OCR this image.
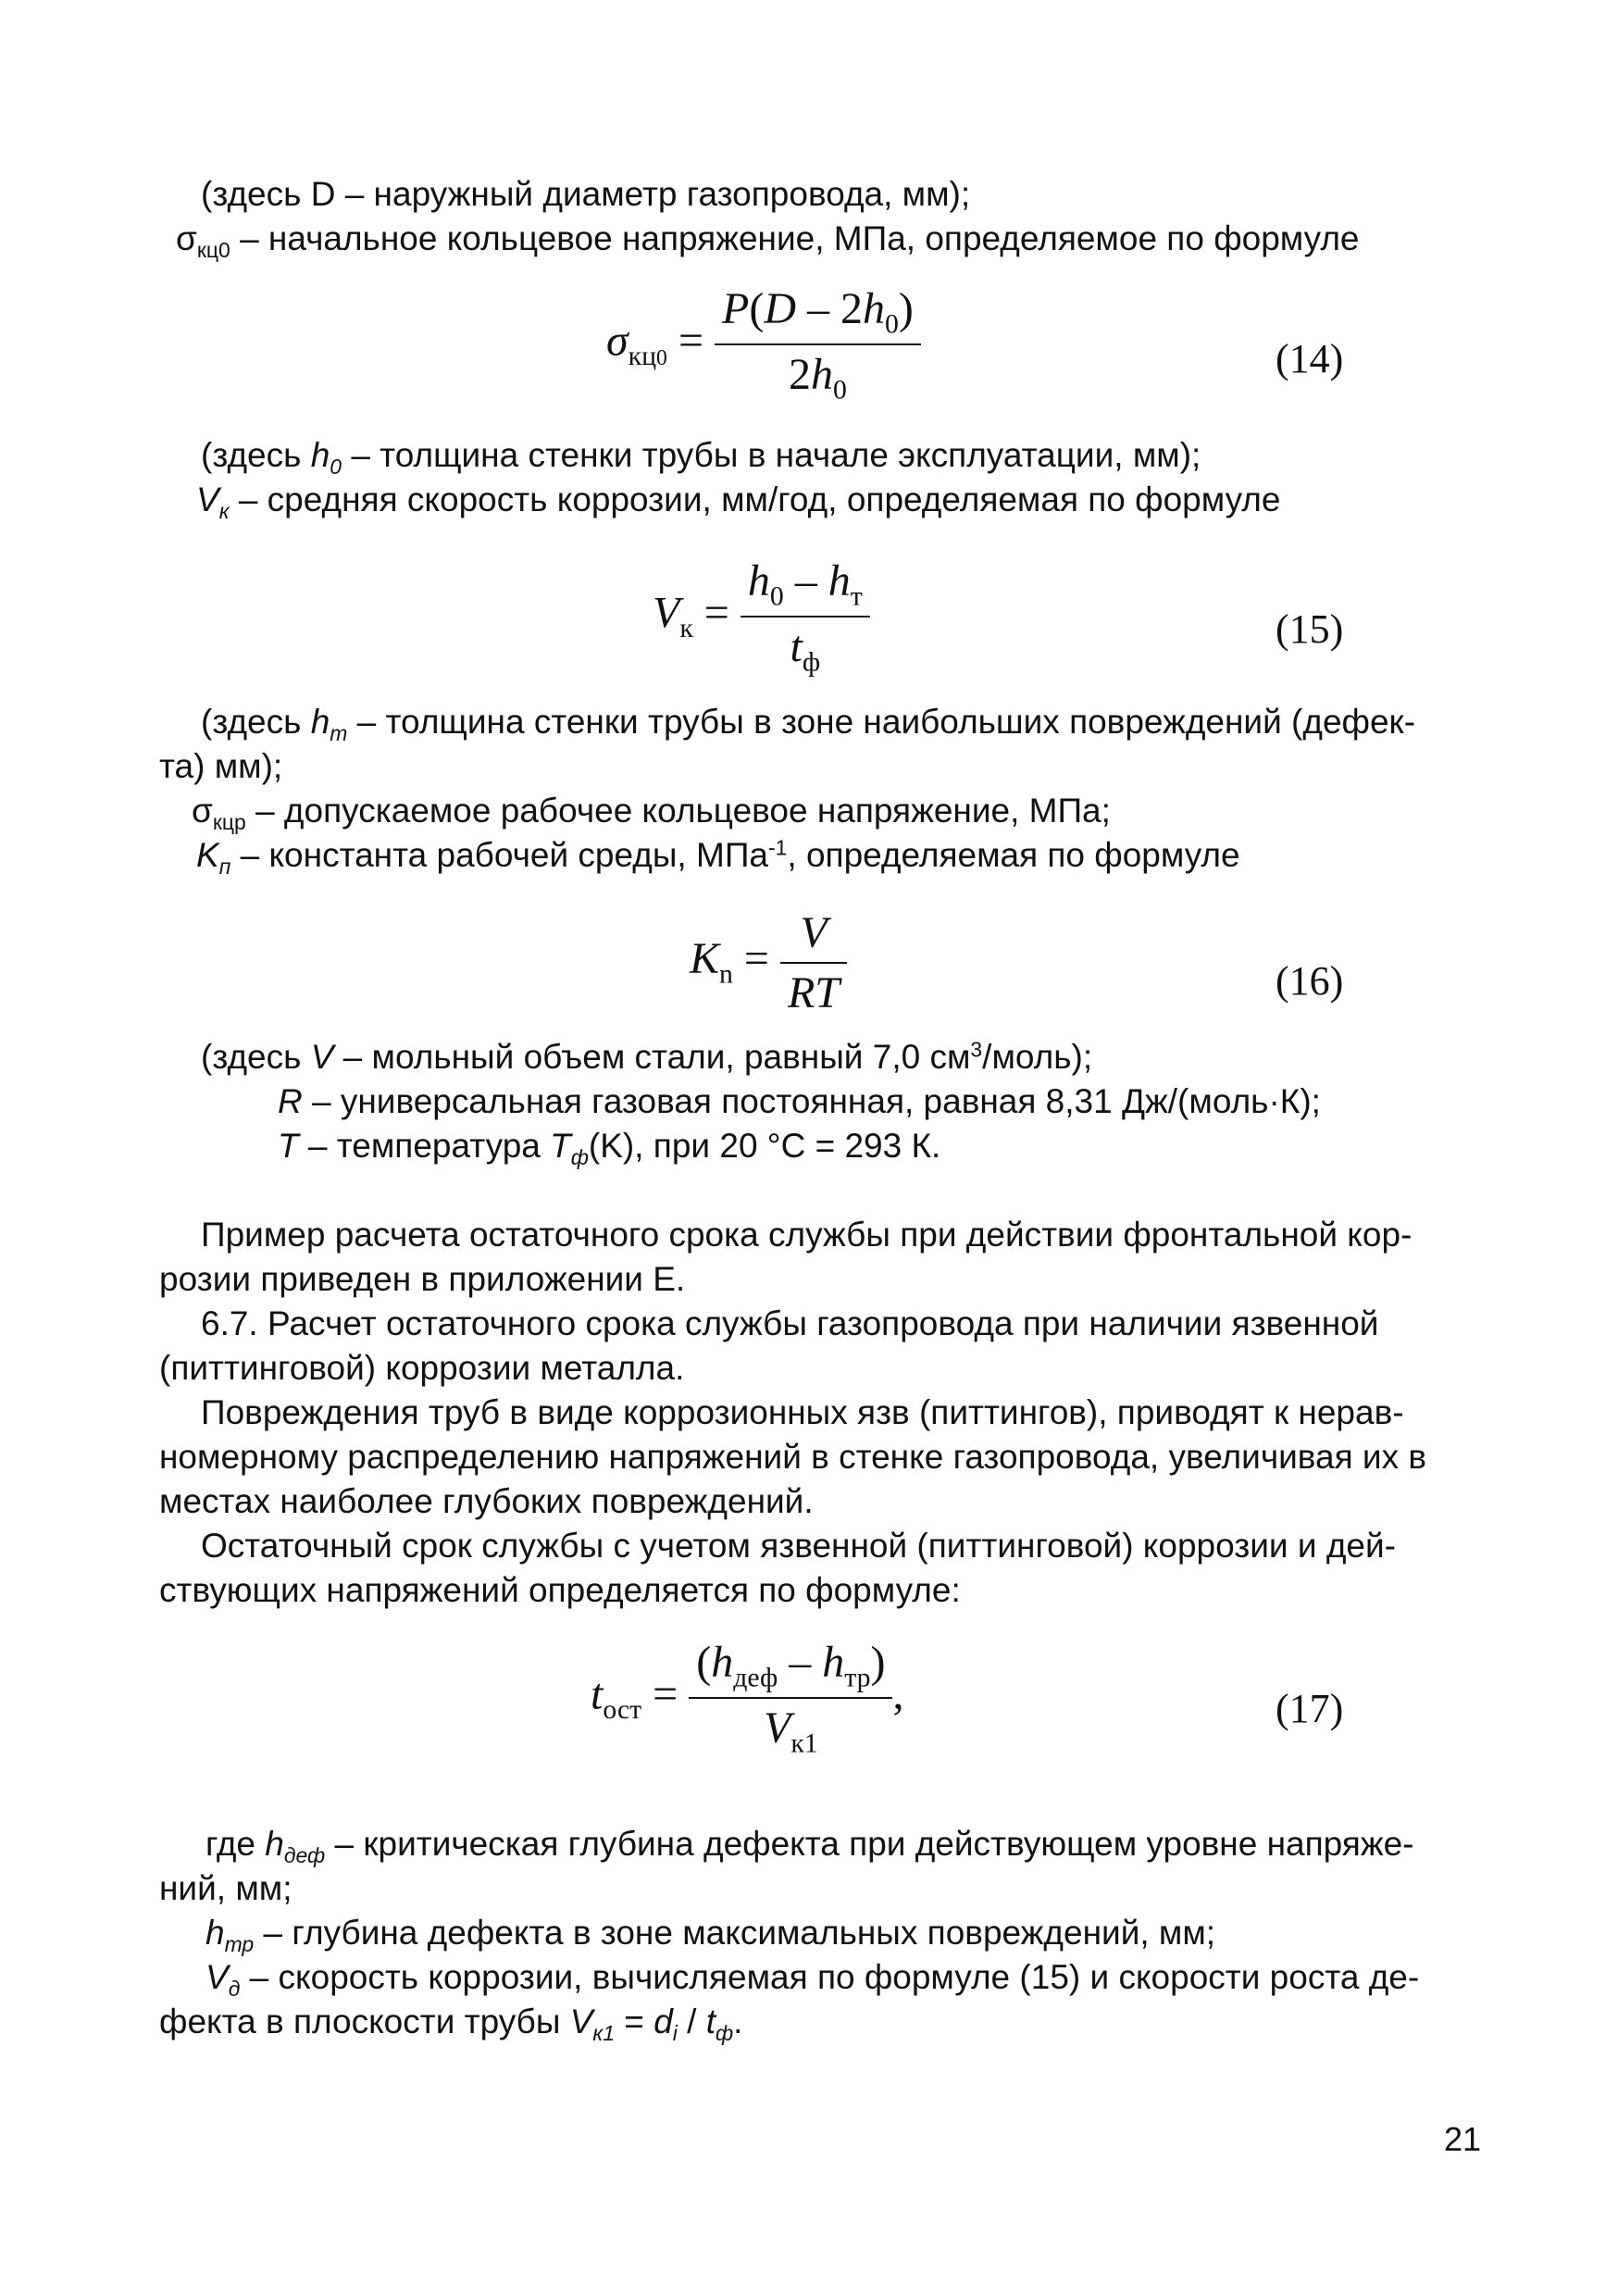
(здесь D – наружный диаметр газопровода, мм);
$\sigma_{кц0}$ – начальное кольцевое напряжение, МПа, определяемое по формуле
$\sigma_{кц0} = \frac{P(D - 2h_0)}{2h_0}$	(14)
(здесь $h_0$ – толщина стенки трубы в начале эксплуатации, мм);
$V_к$ – средняя скорость коррозии, мм/год, определяемая по формуле
$V_к = \frac{h_0 - h_т}{t_ф}$	(15)
(здесь $h_т$ – толщина стенки трубы в зоне наибольших повреждений (дефек-
та) мм);
$\sigma_{кцр}$ – допускаемое рабочее кольцевое напряжение, МПа;
$K_п$ – константа рабочей среды, МПа$^{-1}$, определяемая по формуле
$K_n = \frac{V}{RT}$	(16)
(здесь V – мольный объем стали, равный 7,0 $см^3/моль$);
R – универсальная газовая постоянная, равная 8,31 Дж/(моль·К);
T – температура $T_ф(K)$, при 20 °С = 293 К.
Пример расчета остаточного срока службы при действии фронтальной кор-
розии приведен в приложении Е.
6.7. Расчет остаточного срока службы газопровода при наличии язвенной
(питтинговой) коррозии металла.
Повреждения труб в виде коррозионных язв (питтингов), приводят к нерав-
номерному распределению напряжений в стенке газопровода, увеличивая их в
местах наиболее глубоких повреждений.
Остаточный срок службы с учетом язвенной (питтинговой) коррозии и дей-
ствующих напряжений определяется по формуле:
$t_{ост} = \frac{(h_{деф} - h_{тр})}{V_{к1}}$ ,	(17)
где $h_{деф}$ – критическая глубина дефекта при действующем уровне напряже-
ний, мм;
$h_{тр}$ – глубина дефекта в зоне максимальных повреждений, мм;
$V_д$ – скорость коррозии, вычисляемая по формуле (15) и скорости роста де-
фекта в плоскости трубы $V_{к1} = d_i / t_ф$.
21
